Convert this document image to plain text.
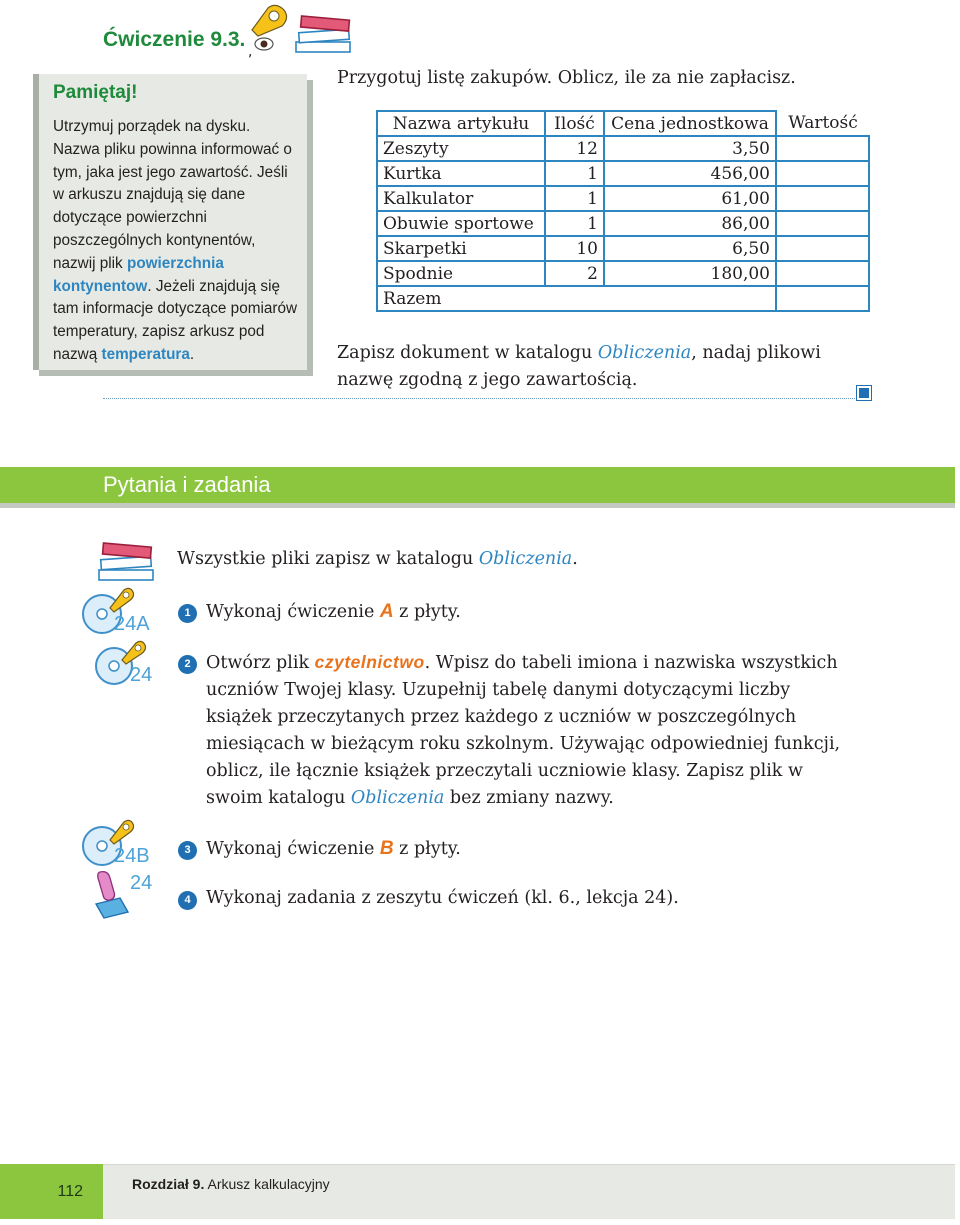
Ćwiczenie 9.3.
,
Pamiętaj!
Utrzymuj porządek na dysku. Nazwa pliku powinna informować o tym, jaka jest jego zawartość. Jeśli w arkuszu znajdują się dane dotyczące powierzchni poszczególnych kontynentów, nazwij plik powierzchnia kontynentow. Jeżeli znajdują się tam informacje dotyczące pomiarów temperatury, zapisz arkusz pod nazwą temperatura.
Przygotuj listę zakupów. Oblicz, ile za nie zapłacisz.
Nazwa artykułu	Ilość	Cena jednostkowa	Wartość
Zeszyty	12	3,50	
Kurtka	1	456,00	
Kalkulator	1	61,00	
Obuwie sportowe	1	86,00	
Skarpetki	10	6,50	
Spodnie	2	180,00	
Razem			
Zapisz dokument w katalogu Obliczenia, nadaj plikowi nazwę zgodną z jego zawartością.
Pytania i zadania
24A
24
24B
24
Wszystkie pliki zapisz w katalogu Obliczenia.
1 Wykonaj ćwiczenie A z płyty.
2 Otwórz plik czytelnictwo. Wpisz do tabeli imiona i nazwiska wszystkich uczniów Twojej klasy. Uzupełnij tabelę danymi dotyczącymi liczby książek przeczytanych przez każdego z uczniów w poszczególnych miesiącach w bieżącym roku szkolnym. Używając odpowiedniej funkcji, oblicz, ile łącznie książek przeczytali uczniowie klasy. Zapisz plik w swoim katalogu Obliczenia bez zmiany nazwy.
3 Wykonaj ćwiczenie B z płyty.
4 Wykonaj zadania z zeszytu ćwiczeń (kl. 6., lekcja 24).
112	Rozdział 9. Arkusz kalkulacyjny
